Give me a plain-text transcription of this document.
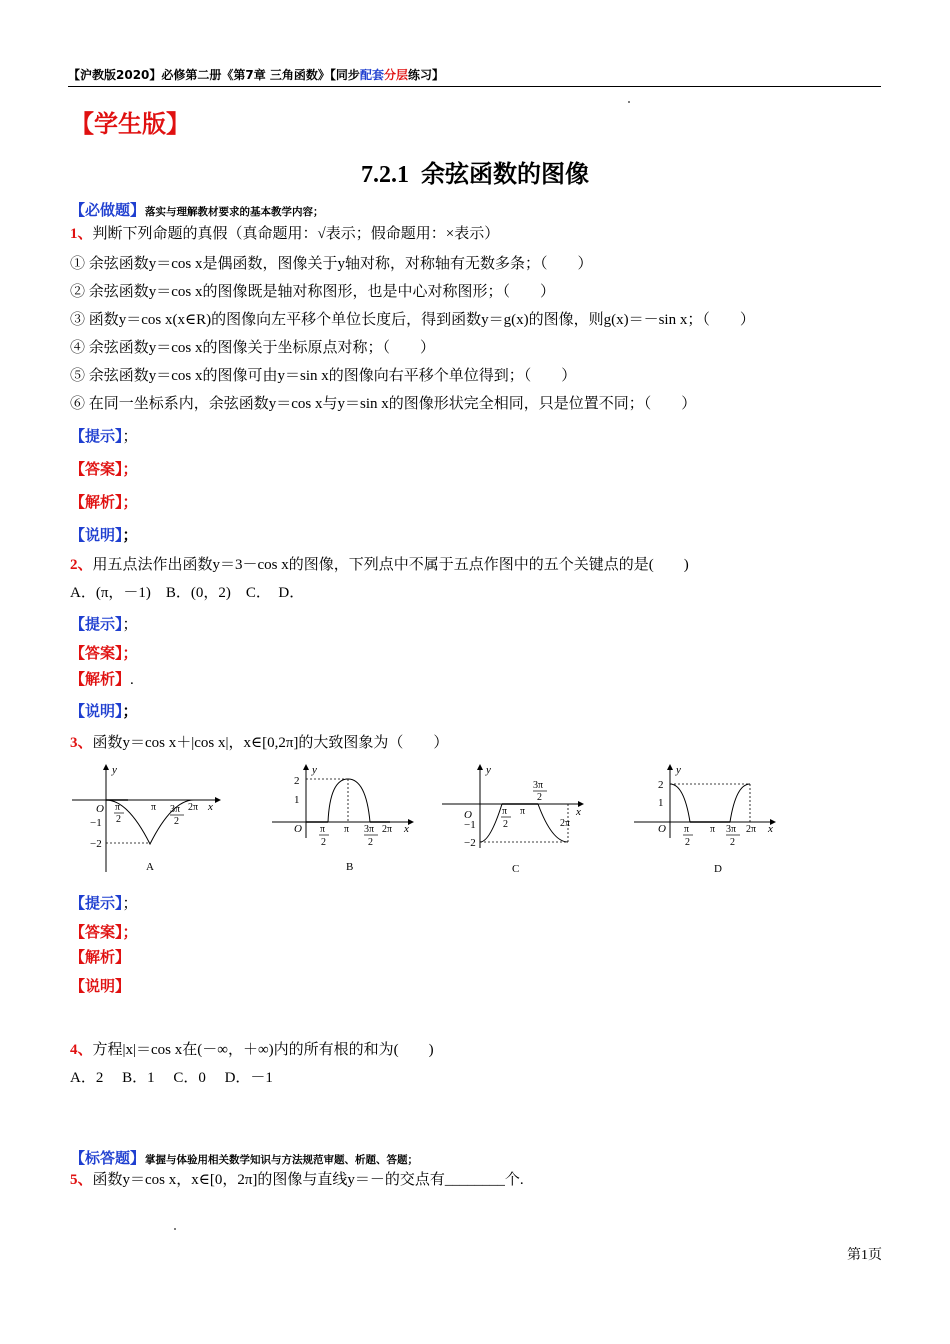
【沪教版2020】必修第二册《第7章 三角函数》【同步配套分层练习】
【学生版】
7.2.1 余弦函数的图像
【必做题】落实与理解教材要求的基本教学内容；
1、判断下列命题的真假（真命题用：√表示；假命题用：×表示）
① 余弦函数y＝cos x是偶函数，图像关于y轴对称，对称轴有无数多条；（　　）
② 余弦函数y＝cos x的图像既是轴对称图形，也是中心对称图形；（　　）
③ 函数y＝cos x(x∈R)的图像向左平移个单位长度后，得到函数y＝g(x)的图像，则g(x)＝－sin x；（　　）
④ 余弦函数y＝cos x的图像关于坐标原点对称；（　　）
⑤ 余弦函数y＝cos x的图像可由y＝sin x的图像向右平移个单位得到；（　　）
⑥ 在同一坐标系内，余弦函数y＝cos x与y＝sin x的图像形状完全相同，只是位置不同；（　　）
【提示】；
【答案】；
【解析】；
【说明】；
2、用五点法作出函数y＝3－cos x的图像，下列点中不属于五点作图中的五个关键点的是(　　)
A．(π，－1)　B．(0，2)　C．　D．
【提示】；
【答案】；
【解析】.
【说明】；
3、函数y＝cos x＋|cos x|，x∈[0,2π]的大致图象为（　　）
y
x
O
−1
−2
π
2
π 3π
2
2π
A
y
x
O
2
1
π
2
π 3π
2
2π
B
y
x
O
−1
−2
π
2
π
3π
2
2π
C
y
x
O
2
1
π
2
π 3π
2
2π
D
【提示】；
【答案】；
【解析】
【说明】
4、方程|x|＝cos x在(－∞，＋∞)内的所有根的和为(　　)
A．2　 B．1　 C．0　 D．－1
【标答题】掌握与体验用相关数学知识与方法规范审题、析题、答题；
5、函数y＝cos x，x∈[0，2π]的图像与直线y＝－的交点有________个.
第1页
